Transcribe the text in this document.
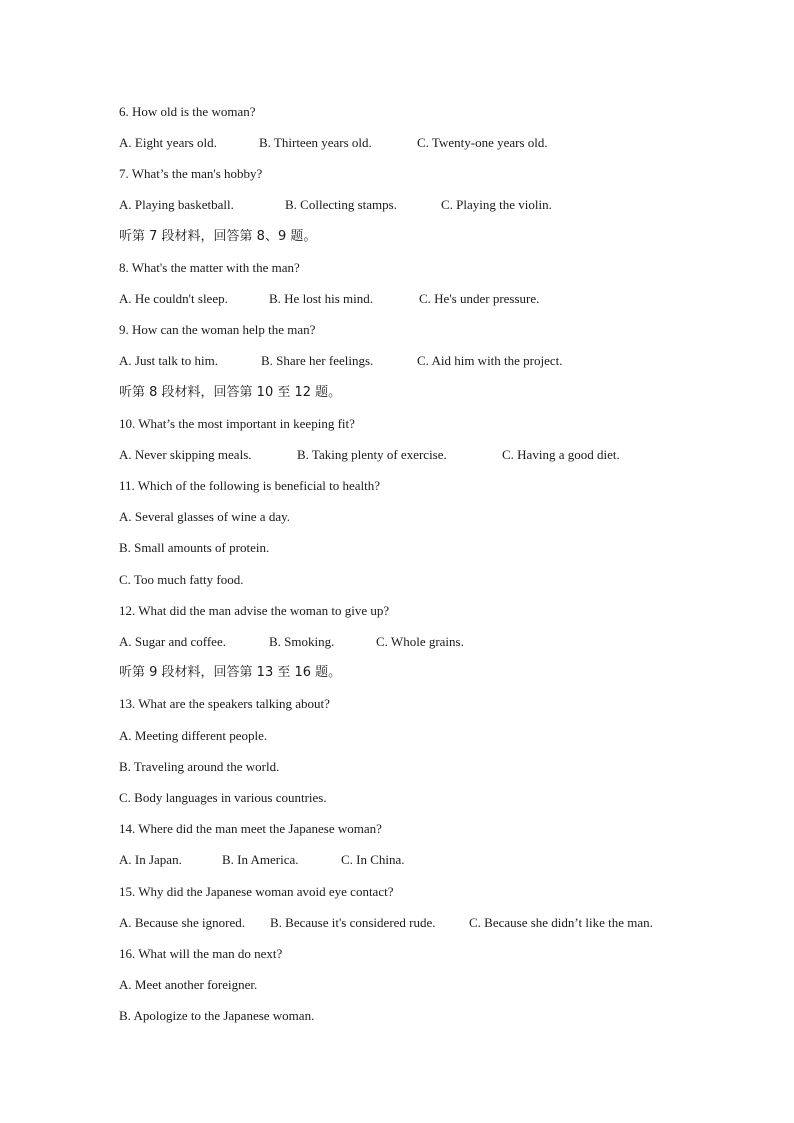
6. How old is the woman?
A. Eight years old.	B. Thirteen years old.	C. Twenty-one years old.
7. What’s the man's hobby?
A. Playing basketball.	B. Collecting stamps.	C. Playing the violin.
听第 7 段材料，回答第 8、9 题。
8. What's the matter with the man?
A. He couldn't sleep.	B. He lost his mind.	C. He's under pressure.
9. How can the woman help the man?
A. Just talk to him.	B. Share her feelings.	C. Aid him with the project.
听第 8 段材料，回答第 10 至 12 题。
10. What’s the most important in keeping fit?
A. Never skipping meals.	B. Taking plenty of exercise.	C. Having a good diet.
11. Which of the following is beneficial to health?
A. Several glasses of wine a day.
B. Small amounts of protein.
C. Too much fatty food.
12. What did the man advise the woman to give up?
A. Sugar and coffee.	B. Smoking.	C. Whole grains.
听第 9 段材料，回答第 13 至 16 题。
13. What are the speakers talking about?
A. Meeting different people.
B. Traveling around the world.
C. Body languages in various countries.
14. Where did the man meet the Japanese woman?
A. In Japan.	B. In America.	C. In China.
15. Why did the Japanese woman avoid eye contact?
A. Because she ignored. B. Because it's considered rude.	C. Because she didn’t like the man.
16. What will the man do next?
A. Meet another foreigner.
B. Apologize to the Japanese woman.
